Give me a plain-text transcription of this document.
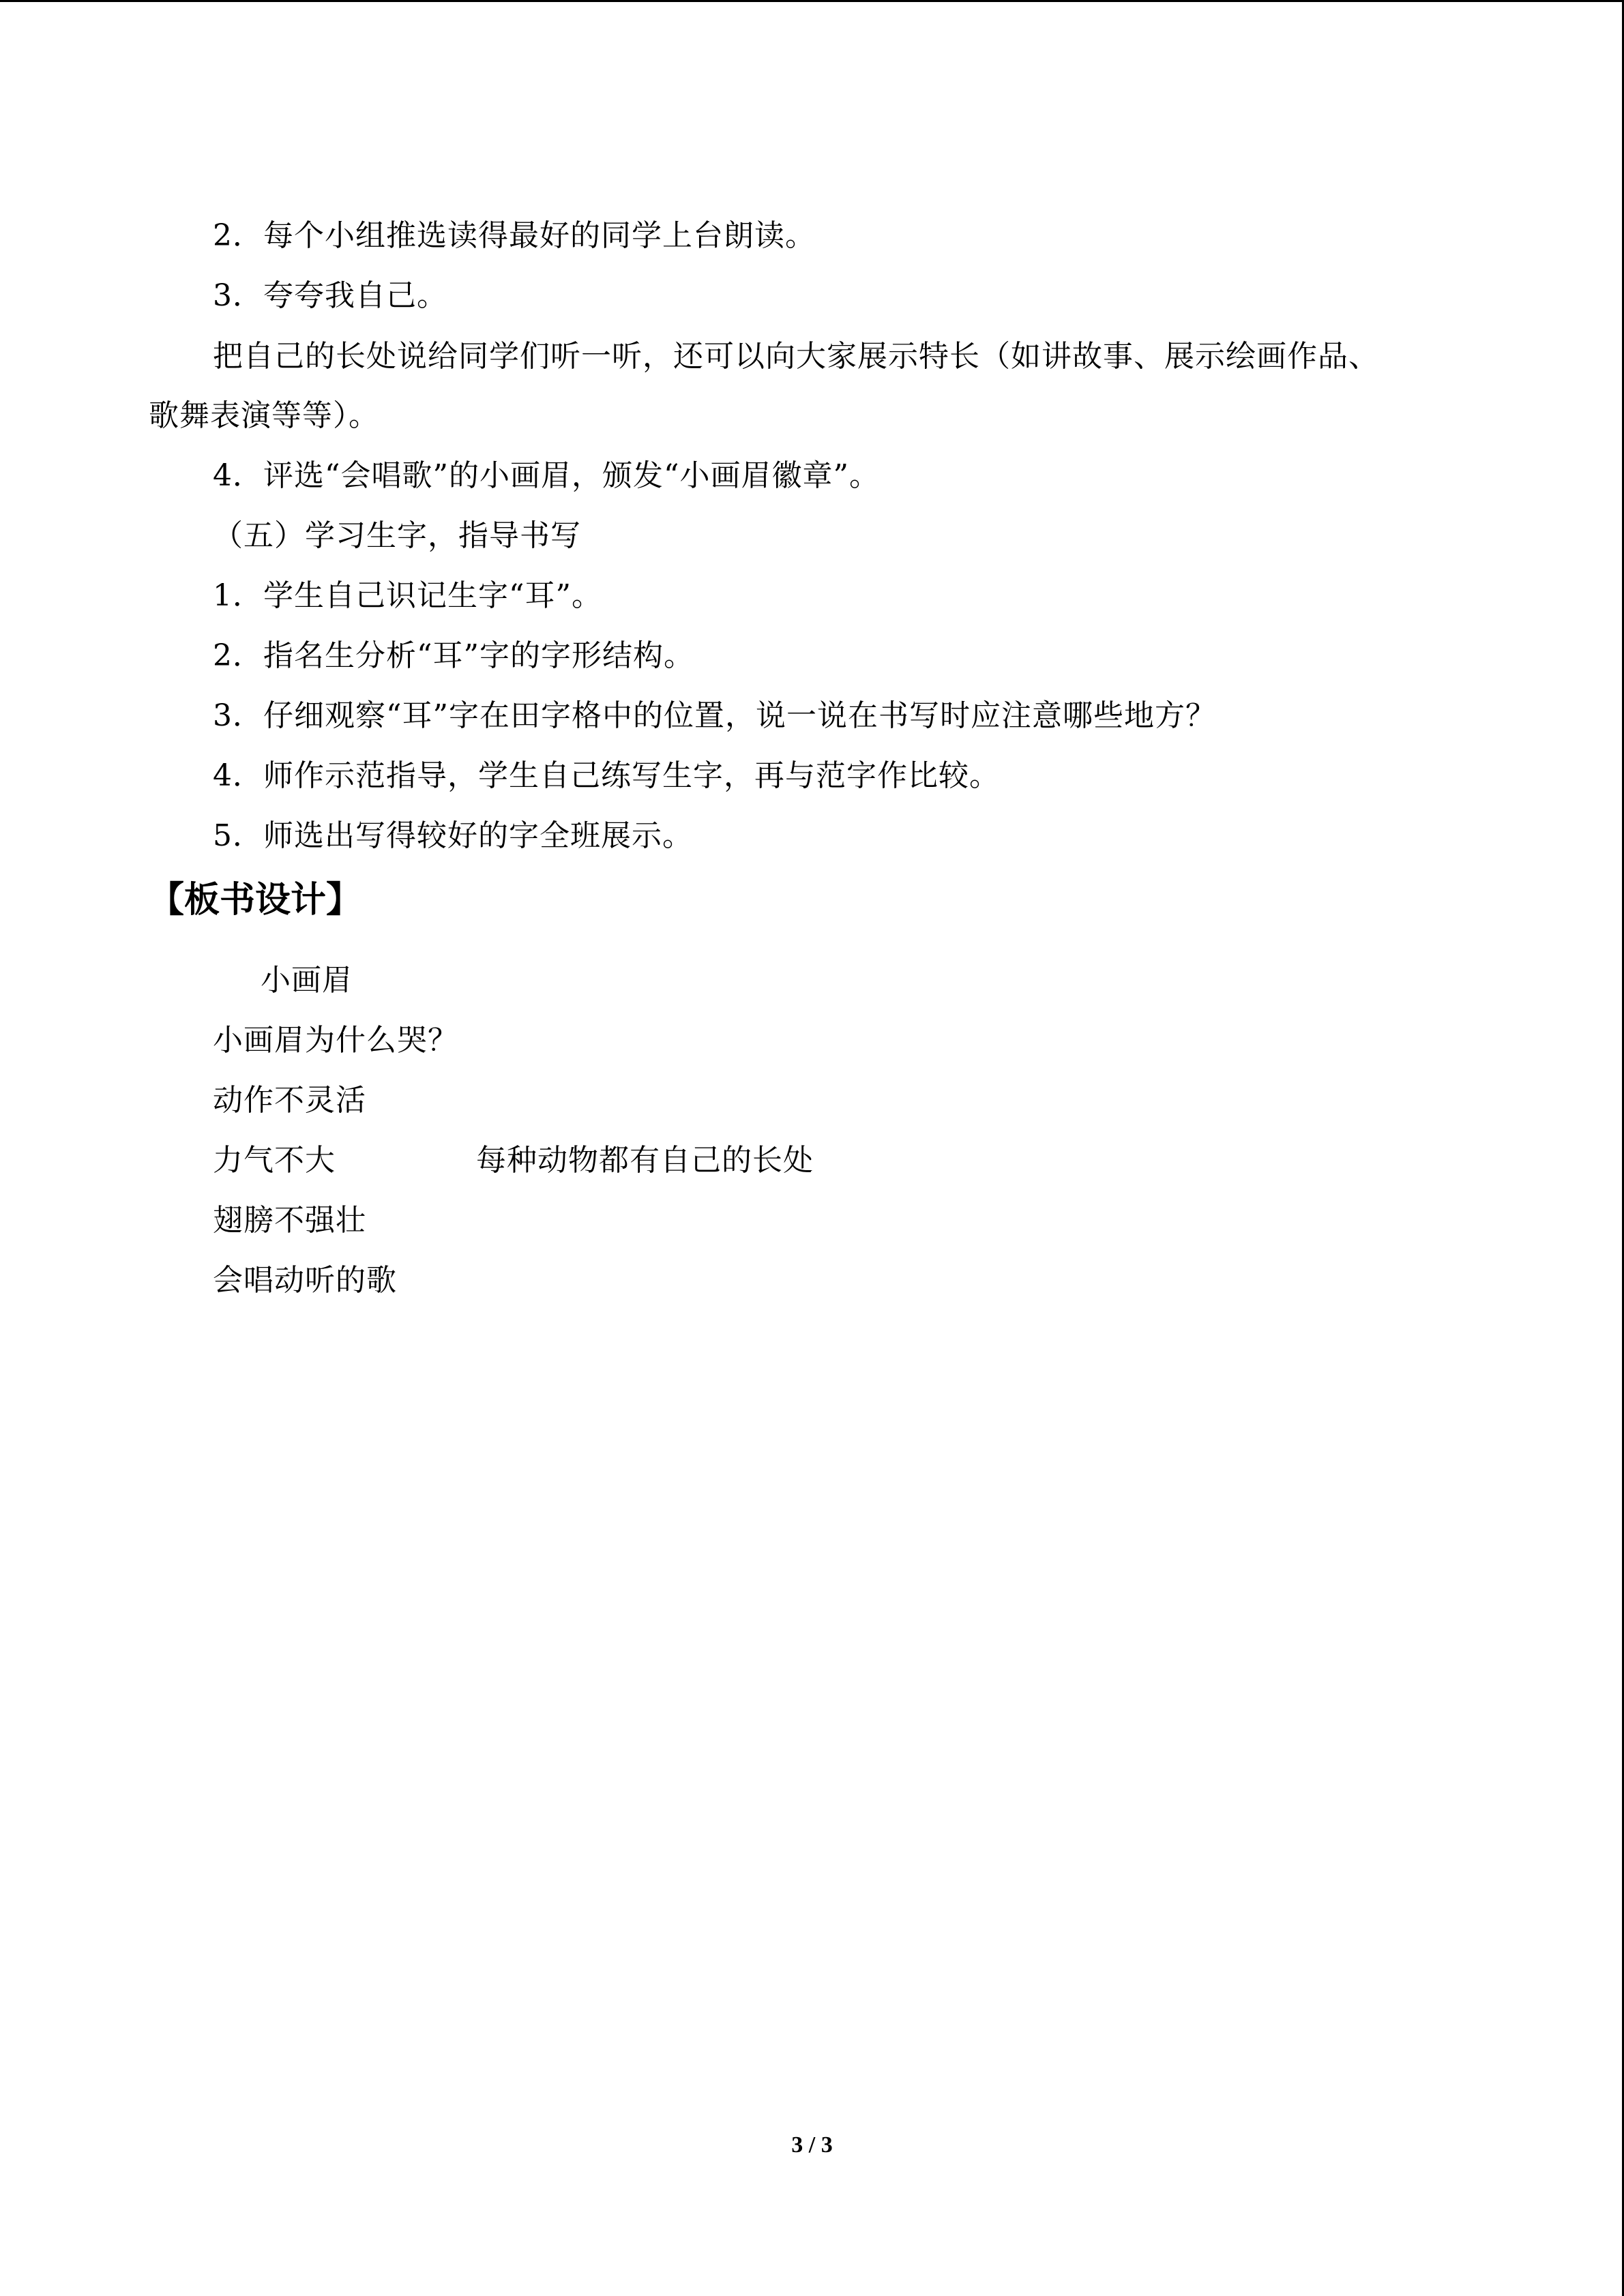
2．每个小组推选读得最好的同学上台朗读。
3．夸夸我自己。
把自己的长处说给同学们听一听，还可以向大家展示特长（如讲故事、展示绘画作品、
歌舞表演等等）。
4．评选“会唱歌”的小画眉，颁发“小画眉徽章”。
（五）学习生字，指导书写
1．学生自己识记生字“耳”。
2．指名生分析“耳”字的字形结构。
3．仔细观察“耳”字在田字格中的位置，说一说在书写时应注意哪些地方？
4．师作示范指导，学生自己练写生字，再与范字作比较。
5．师选出写得较好的字全班展示。
【板书设计】
小画眉
小画眉为什么哭？
动作不灵活
力气不大	每种动物都有自己的长处
翅膀不强壮
会唱动听的歌
3 / 3
